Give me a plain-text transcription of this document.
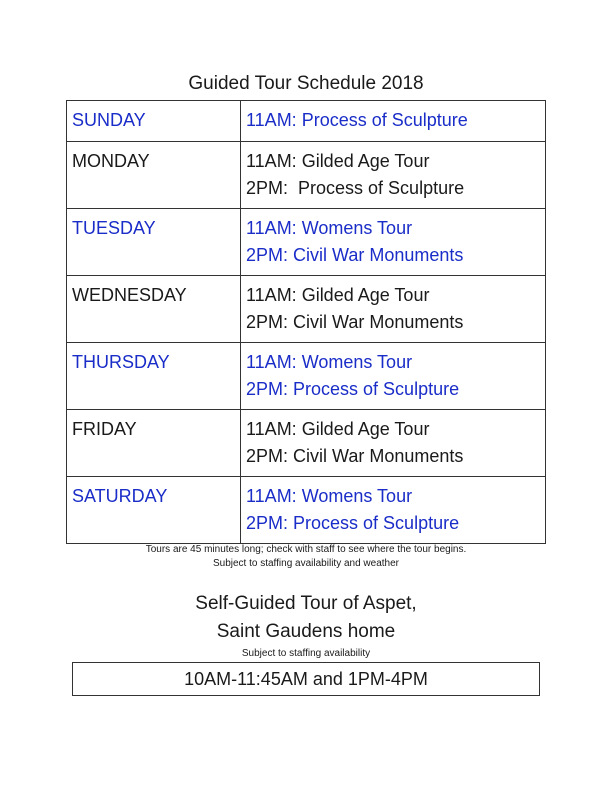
Guided Tour Schedule 2018
SUNDAY	11AM: Process of Sculpture

MONDAY	11AM: Gilded Age Tour
2PM:  Process of Sculpture

TUESDAY	11AM: Womens Tour
2PM: Civil War Monuments

WEDNESDAY	11AM: Gilded Age Tour
2PM: Civil War Monuments

THURSDAY	11AM: Womens Tour
2PM: Process of Sculpture

FRIDAY	11AM: Gilded Age Tour
2PM: Civil War Monuments

SATURDAY	11AM: Womens Tour
2PM: Process of Sculpture
Tours are 45 minutes long; check with staff to see where the tour begins.
Subject to staffing availability and weather
Self-Guided Tour of Aspet,
Saint Gaudens home
Subject to staffing availability
10AM-11:45AM and 1PM-4PM
